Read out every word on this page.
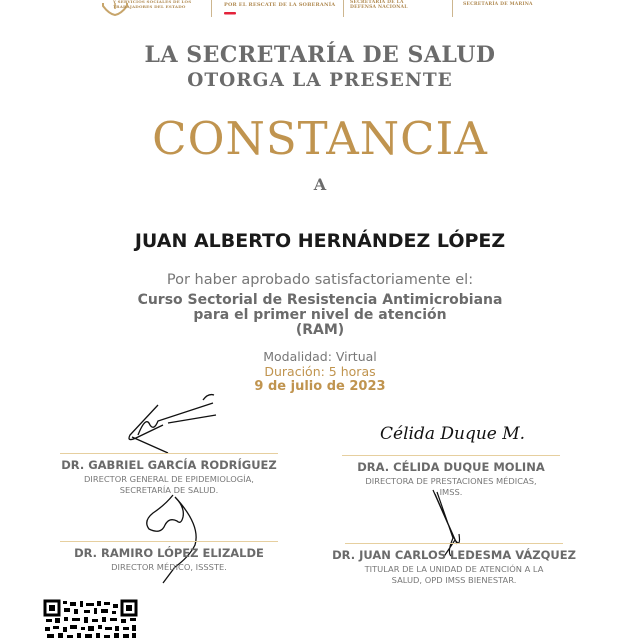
Y SERVICIOS SOCIALES DE LOS
TRABAJADORES DEL ESTADO	POR EL RESCATE DE LA SOBERANÍA	SECRETARÍA DE LA
DEFENSA NACIONAL
SECRETARÍA DE MARINA
LA SECRETARÍA DE SALUD
OTORGA LA PRESENTE
CONSTANCIA
A
JUAN ALBERTO HERNÁNDEZ LÓPEZ
Por haber aprobado satisfactoriamente el:
Curso Sectorial de Resistencia Antimicrobiana
para el primer nivel de atención
(RAM)
Modalidad: Virtual
Duración: 5 horas
9 de julio de 2023
DR. GABRIEL GARCÍA RODRÍGUEZ
DIRECTOR GENERAL DE EPIDEMIOLOGÍA,
SECRETARÍA DE SALUD.
Célida Duque M.
DRA. CÉLIDA DUQUE MOLINA
DIRECTORA DE PRESTACIONES MÉDICAS,
IMSS.
DR. RAMIRO LÓPEZ ELIZALDE
DIRECTOR MÉDICO, ISSSTE.
DR. JUAN CARLOS LEDESMA VÁZQUEZ
TITULAR DE LA UNIDAD DE ATENCIÓN A LA
SALUD, OPD IMSS BIENESTAR.
